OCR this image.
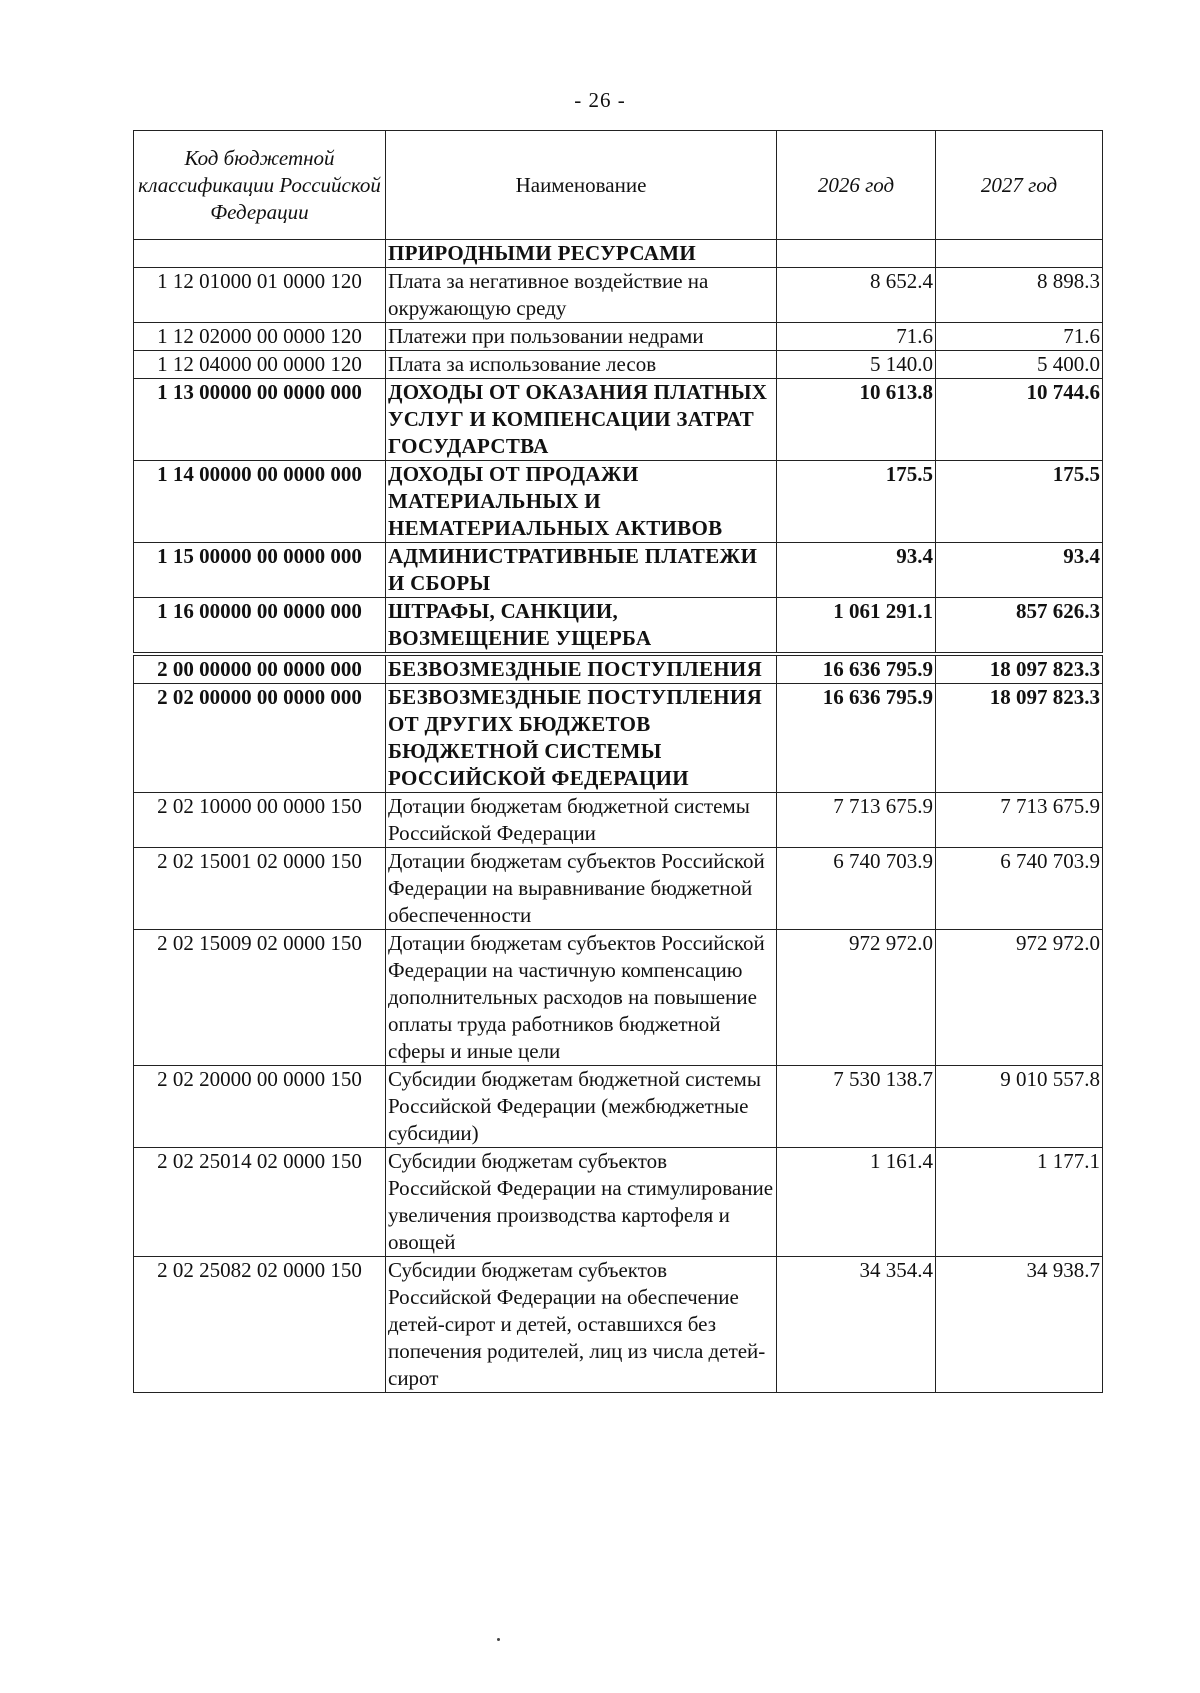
- 26 -
Код бюджетной классификации Российской Федерации	Наименование	2026 год	2027 год
	ПРИРОДНЫМИ РЕСУРСАМИ		
1 12 01000 01 0000 120	Плата за негативное воздействие на окружающую среду	8 652.4	8 898.3
1 12 02000 00 0000 120	Платежи при пользовании недрами	71.6	71.6
1 12 04000 00 0000 120	Плата за использование лесов	5 140.0	5 400.0
1 13 00000 00 0000 000	ДОХОДЫ ОТ ОКАЗАНИЯ ПЛАТНЫХ УСЛУГ И КОМПЕНСАЦИИ ЗАТРАТ ГОСУДАРСТВА	10 613.8	10 744.6
1 14 00000 00 0000 000	ДОХОДЫ ОТ ПРОДАЖИ МАТЕРИАЛЬНЫХ И НЕМАТЕРИАЛЬНЫХ АКТИВОВ	175.5	175.5
1 15 00000 00 0000 000	АДМИНИСТРАТИВНЫЕ ПЛАТЕЖИ И СБОРЫ	93.4	93.4
1 16 00000 00 0000 000	ШТРАФЫ, САНКЦИИ, ВОЗМЕЩЕНИЕ УЩЕРБА	1 061 291.1	857 626.3
2 00 00000 00 0000 000	БЕЗВОЗМЕЗДНЫЕ ПОСТУПЛЕНИЯ	16 636 795.9	18 097 823.3
2 02 00000 00 0000 000	БЕЗВОЗМЕЗДНЫЕ ПОСТУПЛЕНИЯ ОТ ДРУГИХ БЮДЖЕТОВ БЮДЖЕТНОЙ СИСТЕМЫ РОССИЙСКОЙ ФЕДЕРАЦИИ	16 636 795.9	18 097 823.3
2 02 10000 00 0000 150	Дотации бюджетам бюджетной системы Российской Федерации	7 713 675.9	7 713 675.9
2 02 15001 02 0000 150	Дотации бюджетам субъектов Российской Федерации на выравнивание бюджетной обеспеченности	6 740 703.9	6 740 703.9
2 02 15009 02 0000 150	Дотации бюджетам субъектов Российской Федерации на частичную компенсацию дополнительных расходов на повышение оплаты труда работников бюджетной сферы и иные цели	972 972.0	972 972.0
2 02 20000 00 0000 150	Субсидии бюджетам бюджетной системы Российской Федерации (межбюджетные субсидии)	7 530 138.7	9 010 557.8
2 02 25014 02 0000 150	Субсидии бюджетам субъектов Российской Федерации на стимулирование увеличения производства картофеля и овощей	1 161.4	1 177.1
2 02 25082 02 0000 150	Субсидии бюджетам субъектов Российской Федерации на обеспечение детей-сирот и детей, оставшихся без попечения родителей, лиц из числа детей-сирот	34 354.4	34 938.7
